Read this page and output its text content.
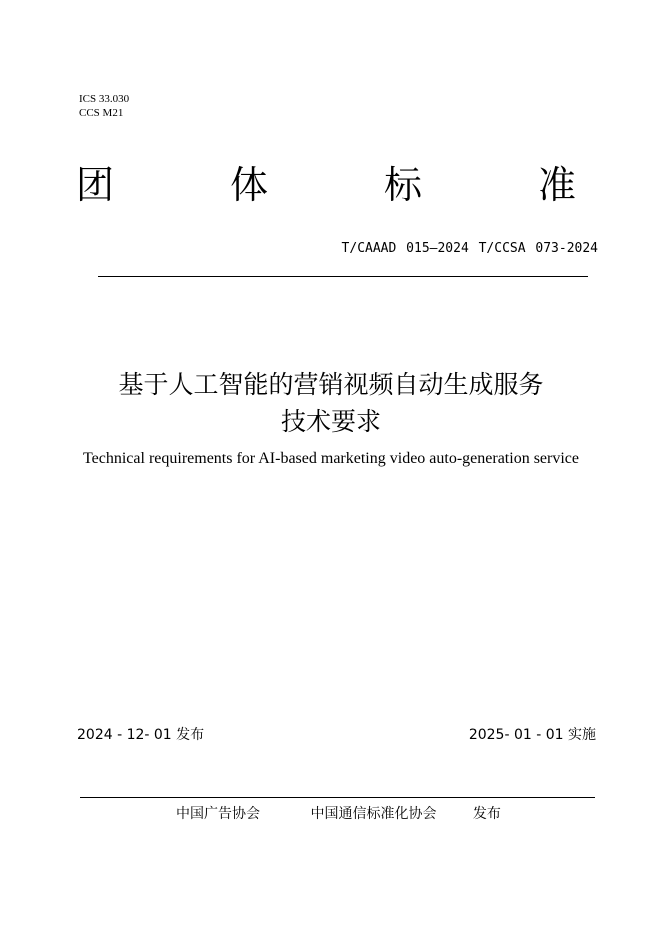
ICS 33.030
CCS M21
团	体	标	准
T/CAAAD 015—2024 T/CCSA 073-2024
基于人工智能的营销视频自动生成服务
技术要求
Technical requirements for AI-based marketing video auto-generation service
2024 - 12- 01 发布	2025- 01 - 01 实施
中国广告协会	中国通信标准化协会	发布
